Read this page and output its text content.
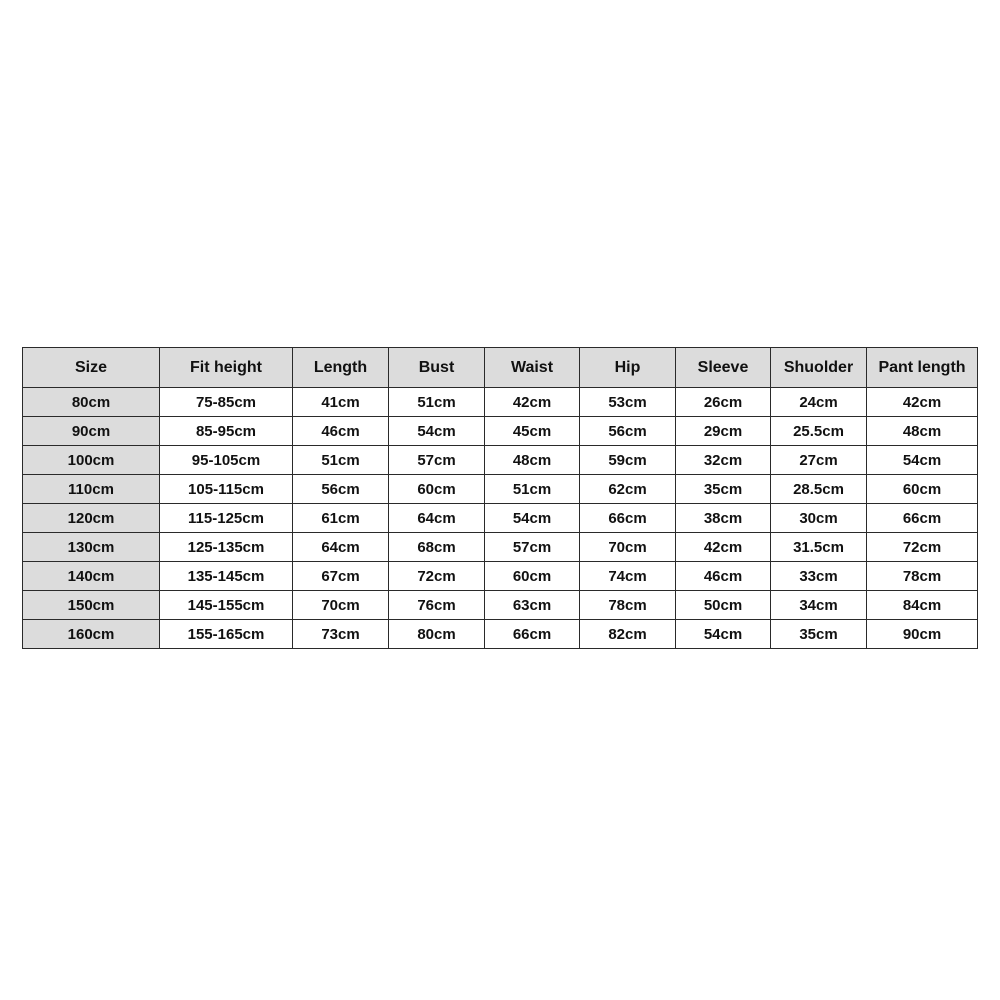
Size	Fit height	Length	Bust	Waist	Hip	Sleeve	Shuolder	Pant length
80cm	75-85cm	41cm	51cm	42cm	53cm	26cm	24cm	42cm
90cm	85-95cm	46cm	54cm	45cm	56cm	29cm	25.5cm	48cm
100cm	95-105cm	51cm	57cm	48cm	59cm	32cm	27cm	54cm
110cm	105-115cm	56cm	60cm	51cm	62cm	35cm	28.5cm	60cm
120cm	115-125cm	61cm	64cm	54cm	66cm	38cm	30cm	66cm
130cm	125-135cm	64cm	68cm	57cm	70cm	42cm	31.5cm	72cm
140cm	135-145cm	67cm	72cm	60cm	74cm	46cm	33cm	78cm
150cm	145-155cm	70cm	76cm	63cm	78cm	50cm	34cm	84cm
160cm	155-165cm	73cm	80cm	66cm	82cm	54cm	35cm	90cm
